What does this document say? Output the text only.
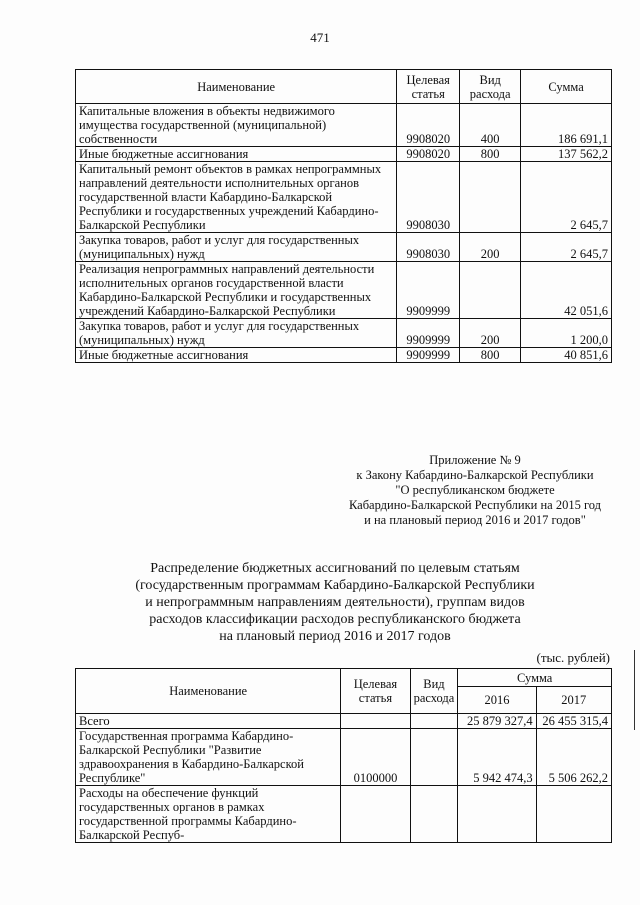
471
Наименование	Целевая статья	Вид расхода	Сумма
Капитальные вложения в объекты недвижимого имущества государственной (муниципальной) собственности	9908020	400	186 691,1
Иные бюджетные ассигнования	9908020	800	137 562,2
Капитальный ремонт объектов в рамках непрограммных направлений деятельности исполнительных органов государственной власти Кабардино-Балкарской Республики и государственных учреждений Кабардино-Балкарской Республики	9908030		2 645,7
Закупка товаров, работ и услуг для государственных (муниципальных) нужд	9908030	200	2 645,7
Реализация непрограммных направлений деятельности исполнительных органов государственной власти Кабардино-Балкарской Республики и государственных учреждений Кабардино-Балкарской Республики	9909999		42 051,6
Закупка товаров, работ и услуг для государственных (муниципальных) нужд	9909999	200	1 200,0
Иные бюджетные ассигнования	9909999	800	40 851,6
Приложение № 9
к Закону Кабардино-Балкарской Республики
"О республиканском бюджете
Кабардино-Балкарской Республики на 2015 год
и на плановый период 2016 и 2017 годов"
Распределение бюджетных ассигнований по целевым статьям
(государственным программам Кабардино-Балкарской Республики
и непрограммным направлениям деятельности), группам видов
расходов классификации расходов республиканского бюджета
на плановый период 2016 и 2017 годов
(тыс. рублей)
Наименование	Целевая статья	Вид расхода	Сумма	
			2016	2017
Всего			25 879 327,4	26 455 315,4
Государственная программа Кабардино-Балкарской Республики "Развитие здравоохранения в Кабардино-Балкарской Республике"	0100000		5 942 474,3	5 506 262,2
Расходы на обеспечение функций государственных органов в рамках государственной программы Кабардино-Балкарской Респуб-				
